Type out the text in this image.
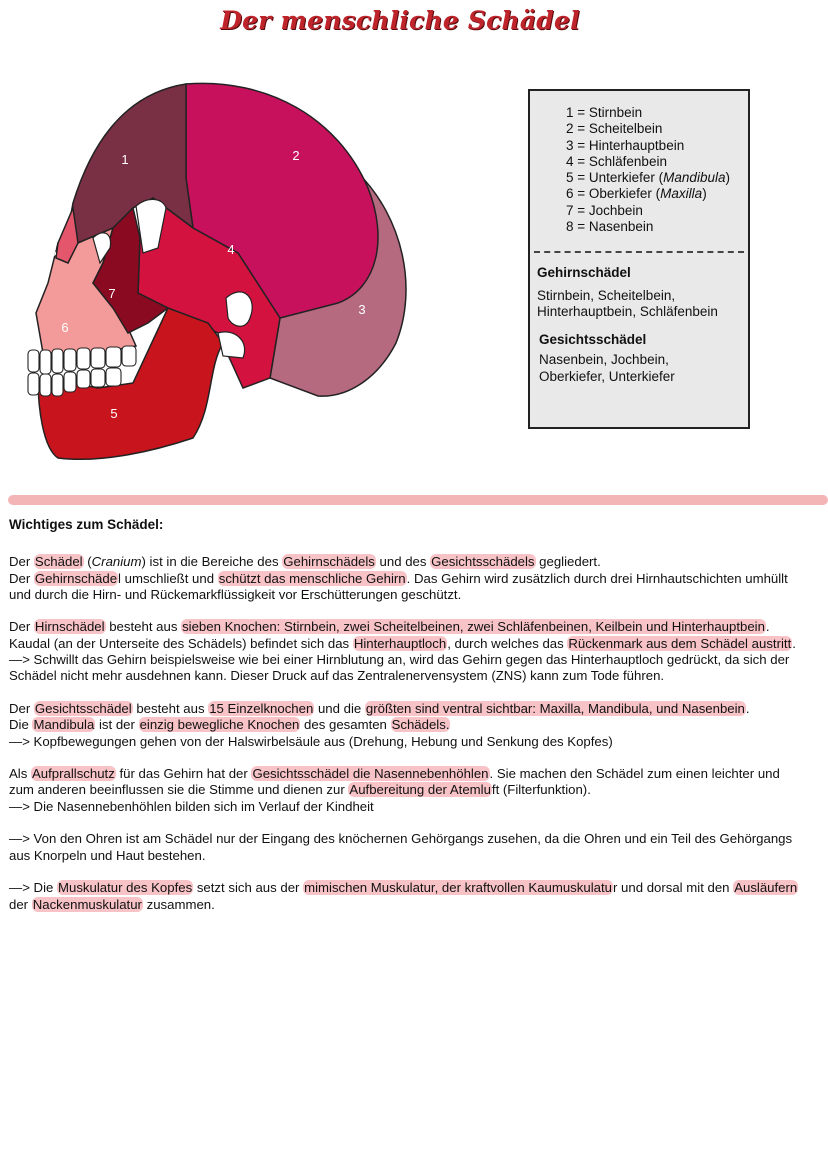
Der menschliche Schädel
1	2
3
4
5
6
7
8
1 = Stirnbein
2 = Scheitelbein
3 = Hinterhauptbein
4 = Schläfenbein
5 = Unterkiefer (Mandibula)
6 = Oberkiefer (Maxilla)
7 = Jochbein
8 = Nasenbein
Gehirnschädel
Stirnbein, Scheitelbein,
Hinterhauptbein, Schläfenbein
Gesichtsschädel
Nasenbein, Jochbein,
Oberkiefer, Unterkiefer
Wichtiges zum Schädel:

Der Schädel (Cranium) ist in die Bereiche des Gehirnschädels und des Gesichtsschädels gegliedert.
Der Gehirnschädel umschließt und schützt das menschliche Gehirn. Das Gehirn wird zusätzlich durch drei Hirnhautschichten umhüllt
und durch die Hirn- und Rückemarkflüssigkeit vor Erschütterungen geschützt.

Der Hirnschädel besteht aus sieben Knochen: Stirnbein, zwei Scheitelbeinen, zwei Schläfenbeinen, Keilbein und Hinterhauptbein.
Kaudal (an der Unterseite des Schädels) befindet sich das Hinterhauptloch, durch welches das Rückenmark aus dem Schädel austritt.
—> Schwillt das Gehirn beispielsweise wie bei einer Hirnblutung an, wird das Gehirn gegen das Hinterhauptloch gedrückt, da sich der
Schädel nicht mehr ausdehnen kann. Dieser Druck auf das Zentralenervensystem (ZNS) kann zum Tode führen.

Der Gesichtsschädel besteht aus 15 Einzelknochen und die größten sind ventral sichtbar: Maxilla, Mandibula, und Nasenbein.
Die Mandibula ist der einzig bewegliche Knochen des gesamten Schädels.
—> Kopfbewegungen gehen von der Halswirbelsäule aus (Drehung, Hebung und Senkung des Kopfes)

Als Aufprallschutz für das Gehirn hat der Gesichtsschädel die Nasennebenhöhlen. Sie machen den Schädel zum einen leichter und
zum anderen beeinflussen sie die Stimme und dienen zur Aufbereitung der Atemluft (Filterfunktion).
—> Die Nasennebenhöhlen bilden sich im Verlauf der Kindheit

—> Von den Ohren ist am Schädel nur der Eingang des knöchernen Gehörgangs zusehen, da die Ohren und ein Teil des Gehörgangs
aus Knorpeln und Haut bestehen.

—> Die Muskulatur des Kopfes setzt sich aus der mimischen Muskulatur, der kraftvollen Kaumuskulatur und dorsal mit den Ausläufern
der Nackenmuskulatur zusammen.
